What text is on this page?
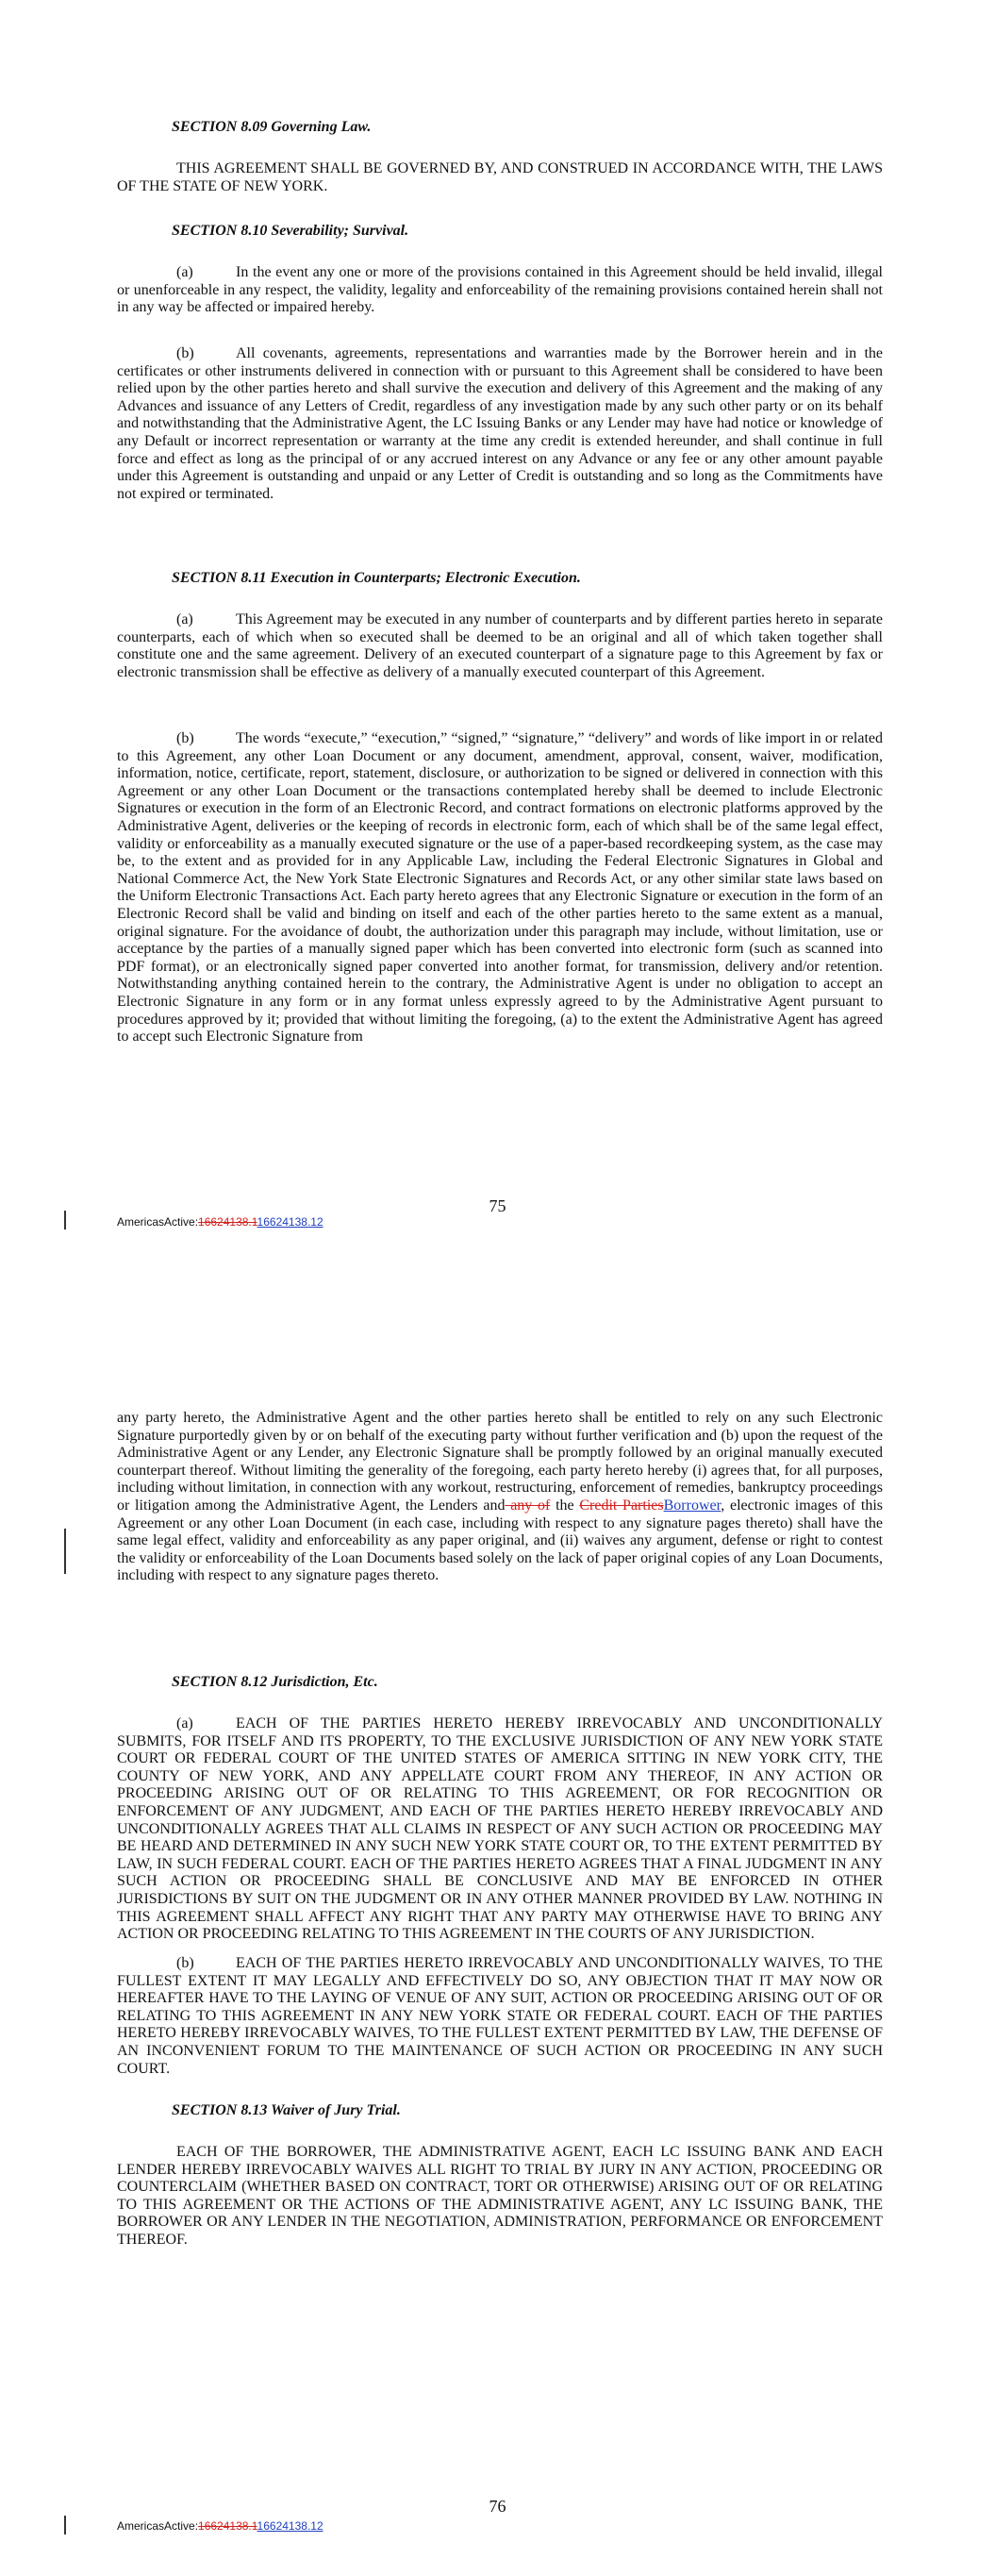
SECTION 8.09 Governing Law.

THIS AGREEMENT SHALL BE GOVERNED BY, AND CONSTRUED IN ACCORDANCE WITH, THE LAWS OF THE STATE OF NEW YORK.

SECTION 8.10 Severability; Survival.

(a)	In the event any one or more of the provisions contained in this Agreement should be held invalid, illegal or unenforceable in any respect, the validity, legality and enforceability of the remaining provisions contained herein shall not in any way be affected or impaired hereby.

(b)	All covenants, agreements, representations and warranties made by the Borrower herein and in the certificates or other instruments delivered in connection with or pursuant to this Agreement shall be considered to have been relied upon by the other parties hereto and shall survive the execution and delivery of this Agreement and the making of any Advances and issuance of any Letters of Credit, regardless of any investigation made by any such other party or on its behalf and notwithstanding that the Administrative Agent, the LC Issuing Banks or any Lender may have had notice or knowledge of any Default or incorrect representation or warranty at the time any credit is extended hereunder, and shall continue in full force and effect as long as the principal of or any accrued interest on any Advance or any fee or any other amount payable under this Agreement is outstanding and unpaid or any Letter of Credit is outstanding and so long as the Commitments have not expired or terminated.

SECTION 8.11 Execution in Counterparts; Electronic Execution.

(a)	This Agreement may be executed in any number of counterparts and by different parties hereto in separate counterparts, each of which when so executed shall be deemed to be an original and all of which taken together shall constitute one and the same agreement. Delivery of an executed counterpart of a signature page to this Agreement by fax or electronic transmission shall be effective as delivery of a manually executed counterpart of this Agreement.

(b)	The words “execute,” “execution,” “signed,” “signature,” “delivery” and words of like import in or related to this Agreement, any other Loan Document or any document, amendment, approval, consent, waiver, modification, information, notice, certificate, report, statement, disclosure, or authorization to be signed or delivered in connection with this Agreement or any other Loan Document or the transactions contemplated hereby shall be deemed to include Electronic Signatures or execution in the form of an Electronic Record, and contract formations on electronic platforms approved by the Administrative Agent, deliveries or the keeping of records in electronic form, each of which shall be of the same legal effect, validity or enforceability as a manually executed signature or the use of a paper-based recordkeeping system, as the case may be, to the extent and as provided for in any Applicable Law, including the Federal Electronic Signatures in Global and National Commerce Act, the New York State Electronic Signatures and Records Act, or any other similar state laws based on the Uniform Electronic Transactions Act. Each party hereto agrees that any Electronic Signature or execution in the form of an Electronic Record shall be valid and binding on itself and each of the other parties hereto to the same extent as a manual, original signature. For the avoidance of doubt, the authorization under this paragraph may include, without limitation, use or acceptance by the parties of a manually signed paper which has been converted into electronic form (such as scanned into PDF format), or an electronically signed paper converted into another format, for transmission, delivery and/or retention. Notwithstanding anything contained herein to the contrary, the Administrative Agent is under no obligation to accept an Electronic Signature in any form or in any format unless expressly agreed to by the Administrative Agent pursuant to procedures approved by it; provided that without limiting the foregoing, (a) to the extent the Administrative Agent has agreed to accept such Electronic Signature from

75

AmericasActive:16624138.116624138.12

any party hereto, the Administrative Agent and the other parties hereto shall be entitled to rely on any such Electronic Signature purportedly given by or on behalf of the executing party without further verification and (b) upon the request of the Administrative Agent or any Lender, any Electronic Signature shall be promptly followed by an original manually executed counterpart thereof. Without limiting the generality of the foregoing, each party hereto hereby (i) agrees that, for all purposes, including without limitation, in connection with any workout, restructuring, enforcement of remedies, bankruptcy proceedings or litigation among the Administrative Agent, the Lenders and any of the Credit PartiesBorrower, electronic images of this Agreement or any other Loan Document (in each case, including with respect to any signature pages thereto) shall have the same legal effect, validity and enforceability as any paper original, and (ii) waives any argument, defense or right to contest the validity or enforceability of the Loan Documents based solely on the lack of paper original copies of any Loan Documents, including with respect to any signature pages thereto.

SECTION 8.12 Jurisdiction, Etc.

(a)	EACH OF THE PARTIES HERETO HEREBY IRREVOCABLY AND UNCONDITIONALLY SUBMITS, FOR ITSELF AND ITS PROPERTY, TO THE EXCLUSIVE JURISDICTION OF ANY NEW YORK STATE COURT OR FEDERAL COURT OF THE UNITED STATES OF AMERICA SITTING IN NEW YORK CITY, THE COUNTY OF NEW YORK, AND ANY APPELLATE COURT FROM ANY THEREOF, IN ANY ACTION OR PROCEEDING ARISING OUT OF OR RELATING TO THIS AGREEMENT, OR FOR RECOGNITION OR ENFORCEMENT OF ANY JUDGMENT, AND EACH OF THE PARTIES HERETO HEREBY IRREVOCABLY AND UNCONDITIONALLY AGREES THAT ALL CLAIMS IN RESPECT OF ANY SUCH ACTION OR PROCEEDING MAY BE HEARD AND DETERMINED IN ANY SUCH NEW YORK STATE COURT OR, TO THE EXTENT PERMITTED BY LAW, IN SUCH FEDERAL COURT. EACH OF THE PARTIES HERETO AGREES THAT A FINAL JUDGMENT IN ANY SUCH ACTION OR PROCEEDING SHALL BE CONCLUSIVE AND MAY BE ENFORCED IN OTHER JURISDICTIONS BY SUIT ON THE JUDGMENT OR IN ANY OTHER MANNER PROVIDED BY LAW. NOTHING IN THIS AGREEMENT SHALL AFFECT ANY RIGHT THAT ANY PARTY MAY OTHERWISE HAVE TO BRING ANY ACTION OR PROCEEDING RELATING TO THIS AGREEMENT IN THE COURTS OF ANY JURISDICTION.

(b)	EACH OF THE PARTIES HERETO IRREVOCABLY AND UNCONDITIONALLY WAIVES, TO THE FULLEST EXTENT IT MAY LEGALLY AND EFFECTIVELY DO SO, ANY OBJECTION THAT IT MAY NOW OR HEREAFTER HAVE TO THE LAYING OF VENUE OF ANY SUIT, ACTION OR PROCEEDING ARISING OUT OF OR RELATING TO THIS AGREEMENT IN ANY NEW YORK STATE OR FEDERAL COURT. EACH OF THE PARTIES HERETO HEREBY IRREVOCABLY WAIVES, TO THE FULLEST EXTENT PERMITTED BY LAW, THE DEFENSE OF AN INCONVENIENT FORUM TO THE MAINTENANCE OF SUCH ACTION OR PROCEEDING IN ANY SUCH COURT.

SECTION 8.13 Waiver of Jury Trial.

EACH OF THE BORROWER, THE ADMINISTRATIVE AGENT, EACH LC ISSUING BANK AND EACH LENDER HEREBY IRREVOCABLY WAIVES ALL RIGHT TO TRIAL BY JURY IN ANY ACTION, PROCEEDING OR COUNTERCLAIM (WHETHER BASED ON CONTRACT, TORT OR OTHERWISE) ARISING OUT OF OR RELATING TO THIS AGREEMENT OR THE ACTIONS OF THE ADMINISTRATIVE AGENT, ANY LC ISSUING BANK, THE BORROWER OR ANY LENDER IN THE NEGOTIATION, ADMINISTRATION, PERFORMANCE OR ENFORCEMENT THEREOF.

76

AmericasActive:16624138.116624138.12
